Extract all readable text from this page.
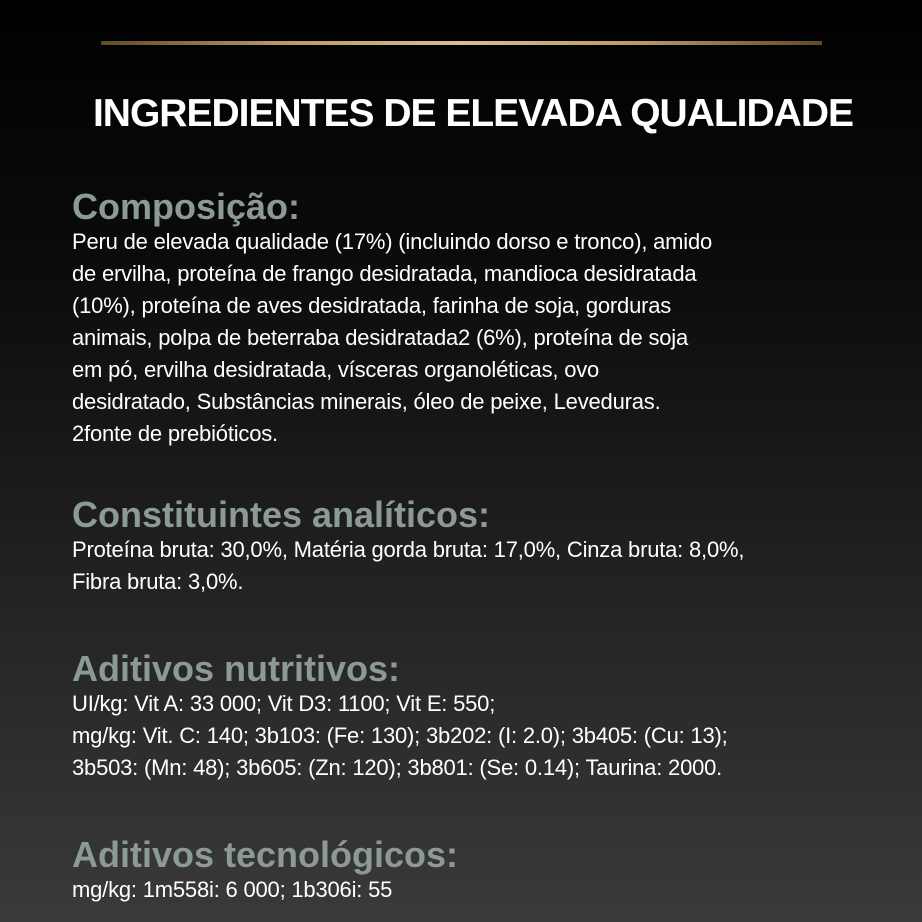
INGREDIENTES DE ELEVADA QUALIDADE
Composição:

Peru de elevada qualidade (17%) (incluindo dorso e tronco), amido
de ervilha, proteína de frango desidratada, mandioca desidratada
(10%), proteína de aves desidratada, farinha de soja, gorduras
animais, polpa de beterraba desidratada2 (6%), proteína de soja
em pó, ervilha desidratada, vísceras organoléticas, ovo
desidratado, Substâncias minerais, óleo de peixe, Leveduras.
2fonte de prebióticos.

Constituintes analíticos:

Proteína bruta: 30,0%, Matéria gorda bruta: 17,0%, Cinza bruta: 8,0%,
Fibra bruta: 3,0%.

Aditivos nutritivos:

UI/kg: Vit A: 33 000; Vit D3: 1100; Vit E: 550;
mg/kg: Vit. C: 140; 3b103: (Fe: 130); 3b202: (I: 2.0); 3b405: (Cu: 13);
3b503: (Mn: 48); 3b605: (Zn: 120); 3b801: (Se: 0.14); Taurina: 2000.

Aditivos tecnológicos:

mg/kg: 1m558i: 6 000; 1b306i: 55
